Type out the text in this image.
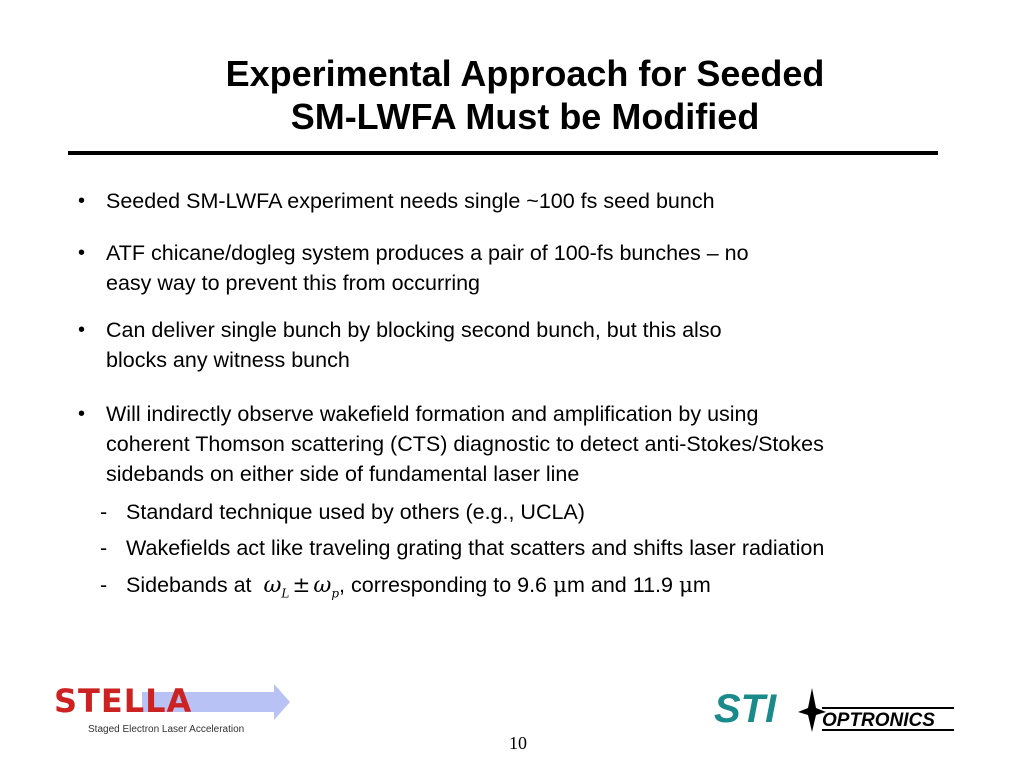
Experimental Approach for Seeded
SM-LWFA Must be Modified
• Seeded SM-LWFA experiment needs single ~100 fs seed bunch
• ATF chicane/dogleg system produces a pair of 100-fs bunches – no
easy way to prevent this from occurring
• Can deliver single bunch by blocking second bunch, but this also
blocks any witness bunch
• Will indirectly observe wakefield formation and amplification by using
coherent Thomson scattering (CTS) diagnostic to detect anti-Stokes/Stokes
sidebands on either side of fundamental laser line
- Standard technique used by others (e.g., UCLA)
- Wakefields act like traveling grating that scatters and shifts laser radiation
- Sidebands at $\omega_L \pm \omega_p$, corresponding to 9.6 μm and 11.9 μm
STELLA
Staged Electron Laser Acceleration	STI OPTRONICS
10
